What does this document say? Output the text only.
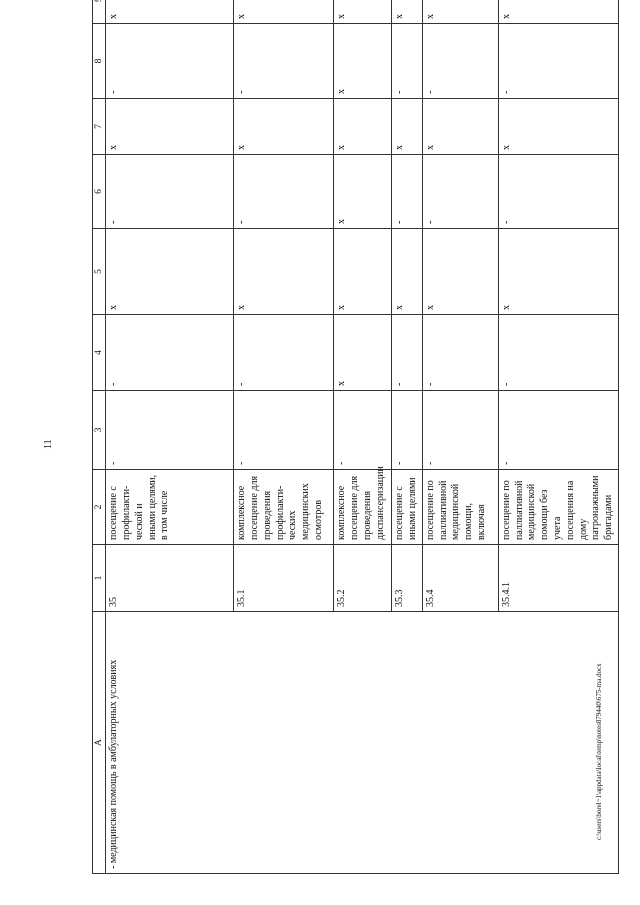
11
А	1	2	3	4	5	6	7	8	
- медицинская помощь в амбулаторных условиях	35	посещение с профилакти-ческой и иными целями, в том числе	-	-	х	-	х	-	х
	35.1	комплексное посещение для проведения профилакти-ческих медицинских осмотров	-	-	х	-	х	-	х
	35.2	комплексное посещение для проведения диспансеризации	-	х	х	х	х	х	х
	35.3	посещение с иными целями	-	-	х	-	х	-	х
	35.4	посещение по паллиативной медицинской помощи, включая	-	-	х	-	х	-	х
	35.4.1	посещение по паллиативной медицинской помощи без учета посещения на дому патронажными бригадами	-	-	х	-	х	-	х
c:\users\borel~1\appdata\local\temp\notes879440\675-ma.docx
